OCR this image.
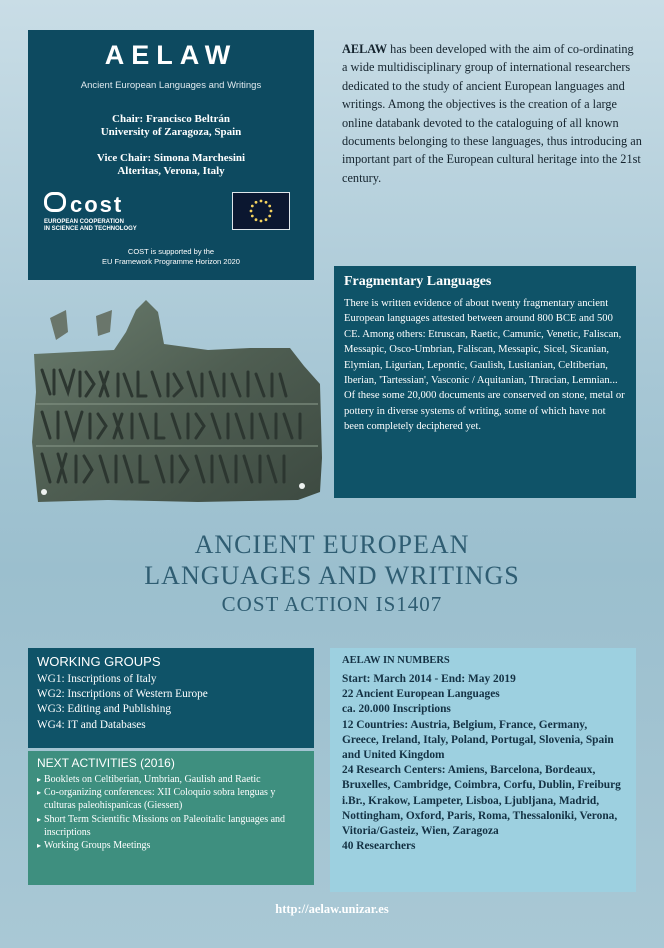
AELAW
Ancient European Languages and Writings
Chair: Francisco Beltrán
University of Zaragoza, Spain
Vice Chair: Simona Marchesini
Alteritas, Verona, Italy
cost
EUROPEAN COOPERATION
IN SCIENCE AND TECHNOLOGY
COST is supported by the
EU Framework Programme Horizon 2020
AELAW has been developed with the aim of co-ordinating a wide multidisciplinary group of international researchers dedicated to the study of ancient European languages and writings. Among the objectives is the creation of a large online databank devoted to the cataloguing of all known documents belonging to these languages, thus introducing an important part of the European cultural heritage into the 21st century.
Fragmentary Languages

There is written evidence of about twenty fragmentary ancient European languages attested between around 800 BCE and 500 CE. Among others: Etruscan, Raetic, Camunic, Venetic, Faliscan, Messapic, Osco-Umbrian, Faliscan, Messapic, Sicel, Sicanian, Elymian, Ligurian, Lepontic, Gaulish, Lusitanian, Celtiberian, Iberian, 'Tartessian', Vasconic / Aquitanian, Thracian, Lemnian... Of these some 20,000 documents are conserved on stone, metal or pottery in diverse systems of writing, some of which have not been completely deciphered yet.

ANCIENT EUROPEAN
LANGUAGES AND WRITINGS
COST ACTION IS1407
WORKING GROUPS
WG1: Inscriptions of Italy
WG2: Inscriptions of Western Europe
WG3: Editing and Publishing
WG4: IT and Databases
NEXT ACTIVITIES (2016)
▸ Booklets on Celtiberian, Umbrian, Gaulish and Raetic
▸ Co-organizing conferences: XII Coloquio sobra lenguas y culturas paleohispanicas (Giessen)
▸ Short Term Scientific Missions on Paleoitalic languages and inscriptions
▸ Working Groups Meetings
AELAW IN NUMBERS
Start: March 2014 - End: May 2019
22 Ancient European Languages
ca. 20.000 Inscriptions
12 Countries: Austria, Belgium, France, Germany, Greece, Ireland, Italy, Poland, Portugal, Slovenia, Spain and United Kingdom
24 Research Centers: Amiens, Barcelona, Bordeaux, Bruxelles, Cambridge, Coimbra, Corfu, Dublin, Freiburg i.Br., Krakow, Lampeter, Lisboa, Ljubljana, Madrid, Nottingham, Oxford, Paris, Roma, Thessaloniki, Verona, Vitoria/Gasteiz, Wien, Zaragoza
40 Researchers
http://aelaw.unizar.es
